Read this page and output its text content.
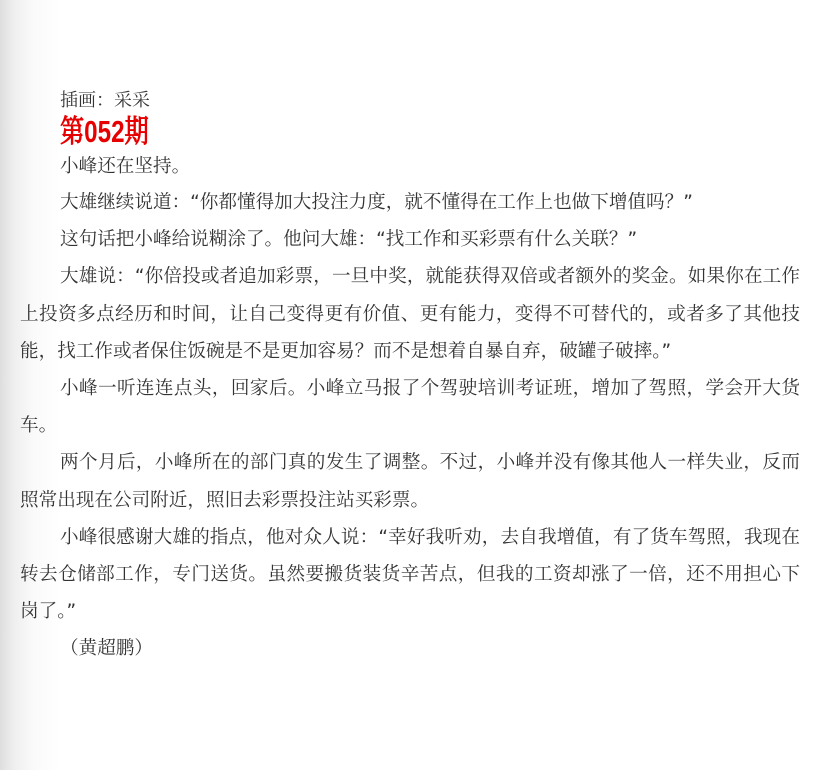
插画：采采
第052期

小峰还在坚持。

大雄继续说道：“你都懂得加大投注力度，就不懂得在工作上也做下增值吗？”

这句话把小峰给说糊涂了。他问大雄：“找工作和买彩票有什么关联？”

大雄说：“你倍投或者追加彩票，一旦中奖，就能获得双倍或者额外的奖金。如果你在工作上投资多点经历和时间，让自己变得更有价值、更有能力，变得不可替代的，或者多了其他技能，找工作或者保住饭碗是不是更加容易？而不是想着自暴自弃，破罐子破摔。”

小峰一听连连点头，回家后。小峰立马报了个驾驶培训考证班，增加了驾照，学会开大货车。

两个月后，小峰所在的部门真的发生了调整。不过，小峰并没有像其他人一样失业，反而照常出现在公司附近，照旧去彩票投注站买彩票。

小峰很感谢大雄的指点，他对众人说：“幸好我听劝，去自我增值，有了货车驾照，我现在转去仓储部工作，专门送货。虽然要搬货装货辛苦点，但我的工资却涨了一倍，还不用担心下岗了。”

（黄超鹏）
